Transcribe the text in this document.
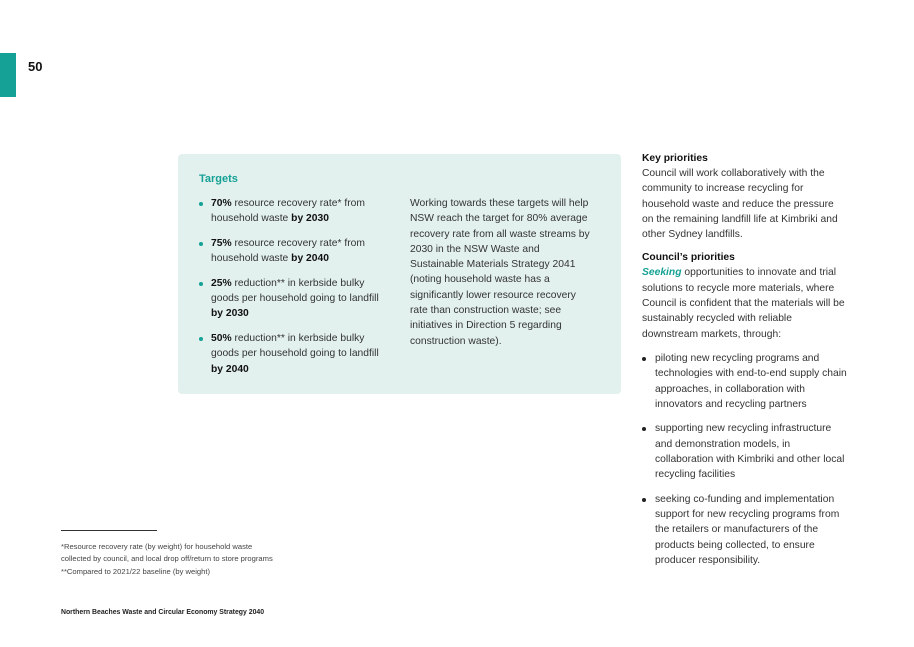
50
Targets
70% resource recovery rate* from household waste by 2030
75% resource recovery rate* from household waste by 2040
25% reduction** in kerbside bulky goods per household going to landfill by 2030
50% reduction** in kerbside bulky goods per household going to landfill by 2040

Working towards these targets will help NSW reach the target for 80% average recovery rate from all waste streams by 2030 in the NSW Waste and Sustainable Materials Strategy 2041 (noting household waste has a significantly lower resource recovery rate than construction waste; see initiatives in Direction 5 regarding construction waste).

Key priorities

Council will work collaboratively with the community to increase recycling for household waste and reduce the pressure on the remaining landfill life at Kimbriki and other Sydney landfills.

Council’s priorities

Seeking opportunities to innovate and trial solutions to recycle more materials, where Council is confident that the materials will be sustainably recycled with reliable downstream markets, through:

piloting new recycling programs and technologies with end-to-end supply chain approaches, in collaboration with innovators and recycling partners
supporting new recycling infrastructure and demonstration models, in collaboration with Kimbriki and other local recycling facilities
seeking co-funding and implementation support for new recycling programs from the retailers or manufacturers of the products being collected, to ensure producer responsibility.
*Resource recovery rate (by weight) for household waste
collected by council, and local drop off/return to store programs
**Compared to 2021/22 baseline (by weight)
Northern Beaches Waste and Circular Economy Strategy 2040
